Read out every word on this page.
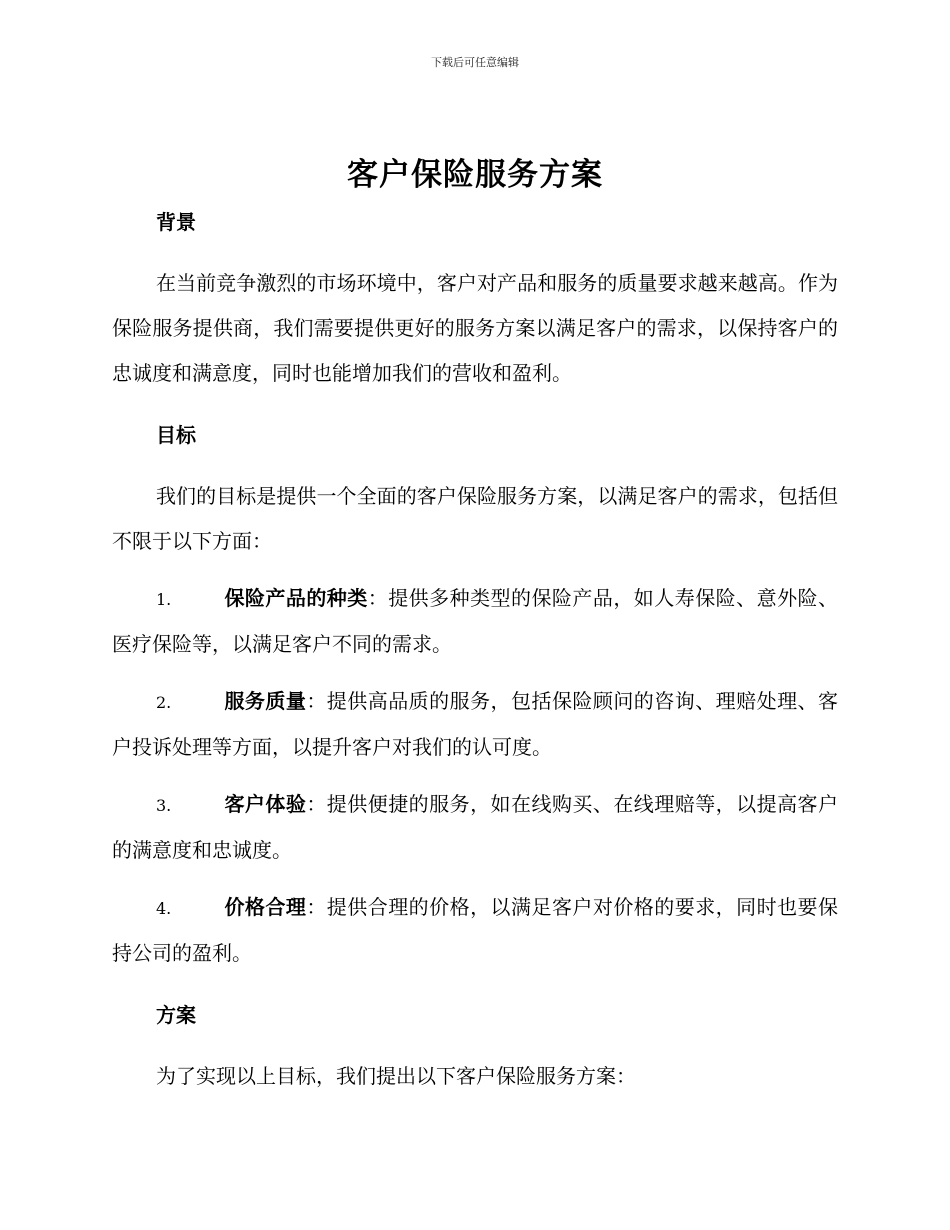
下载后可任意编辑
客户保险服务方案
背景

在当前竞争激烈的市场环境中，客户对产品和服务的质量要求越来越高。作为保险服务提供商，我们需要提供更好的服务方案以满足客户的需求，以保持客户的忠诚度和满意度，同时也能增加我们的营收和盈利。

目标

我们的目标是提供一个全面的客户保险服务方案，以满足客户的需求，包括但不限于以下方面：

1.	保险产品的种类：提供多种类型的保险产品，如人寿保险、意外险、医疗保险等，以满足客户不同的需求。

2.	服务质量：提供高品质的服务，包括保险顾问的咨询、理赔处理、客户投诉处理等方面，以提升客户对我们的认可度。

3.	客户体验：提供便捷的服务，如在线购买、在线理赔等，以提高客户的满意度和忠诚度。

4.	价格合理：提供合理的价格，以满足客户对价格的要求，同时也要保持公司的盈利。

方案

为了实现以上目标，我们提出以下客户保险服务方案：
